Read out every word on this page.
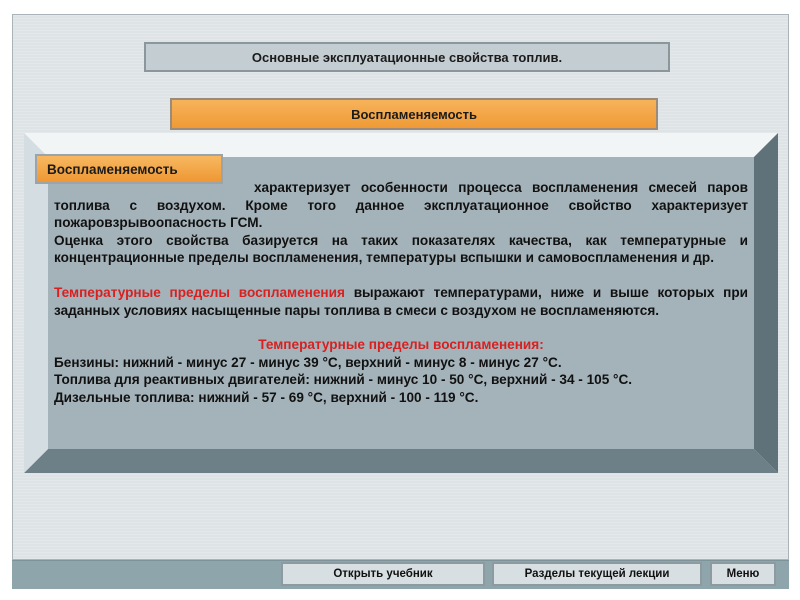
Основные эксплуатационные свойства топлив.
Воспламеняемость

характеризует особенности процесса воспламенения смесей паров топлива с воздухом. Кроме того данное эксплуатационное свойство характеризует пожаровзрывоопасность ГСМ.

Оценка этого свойства базируется на таких показателях качества, как температурные и концентрационные пределы воспламенения, температуры вспышки и самовоспламенения и др.

Температурные пределы воспламенения выражают температурами, ниже и выше которых при заданных условиях насыщенные пары топлива в смеси с воздухом не воспламеняются.

Температурные пределы воспламенения:

Бензины: нижний - минус 27 - минус 39 °С, верхний - минус 8 - минус 27 °С.

Топлива для реактивных двигателей: нижний - минус 10 - 50 °С, верхний - 34 - 105 °С.

Дизельные топлива: нижний - 57 - 69 °С, верхний - 100 - 119 °С.

Воспламеняемость
Открыть учебник	Разделы текущей лекции	Меню
